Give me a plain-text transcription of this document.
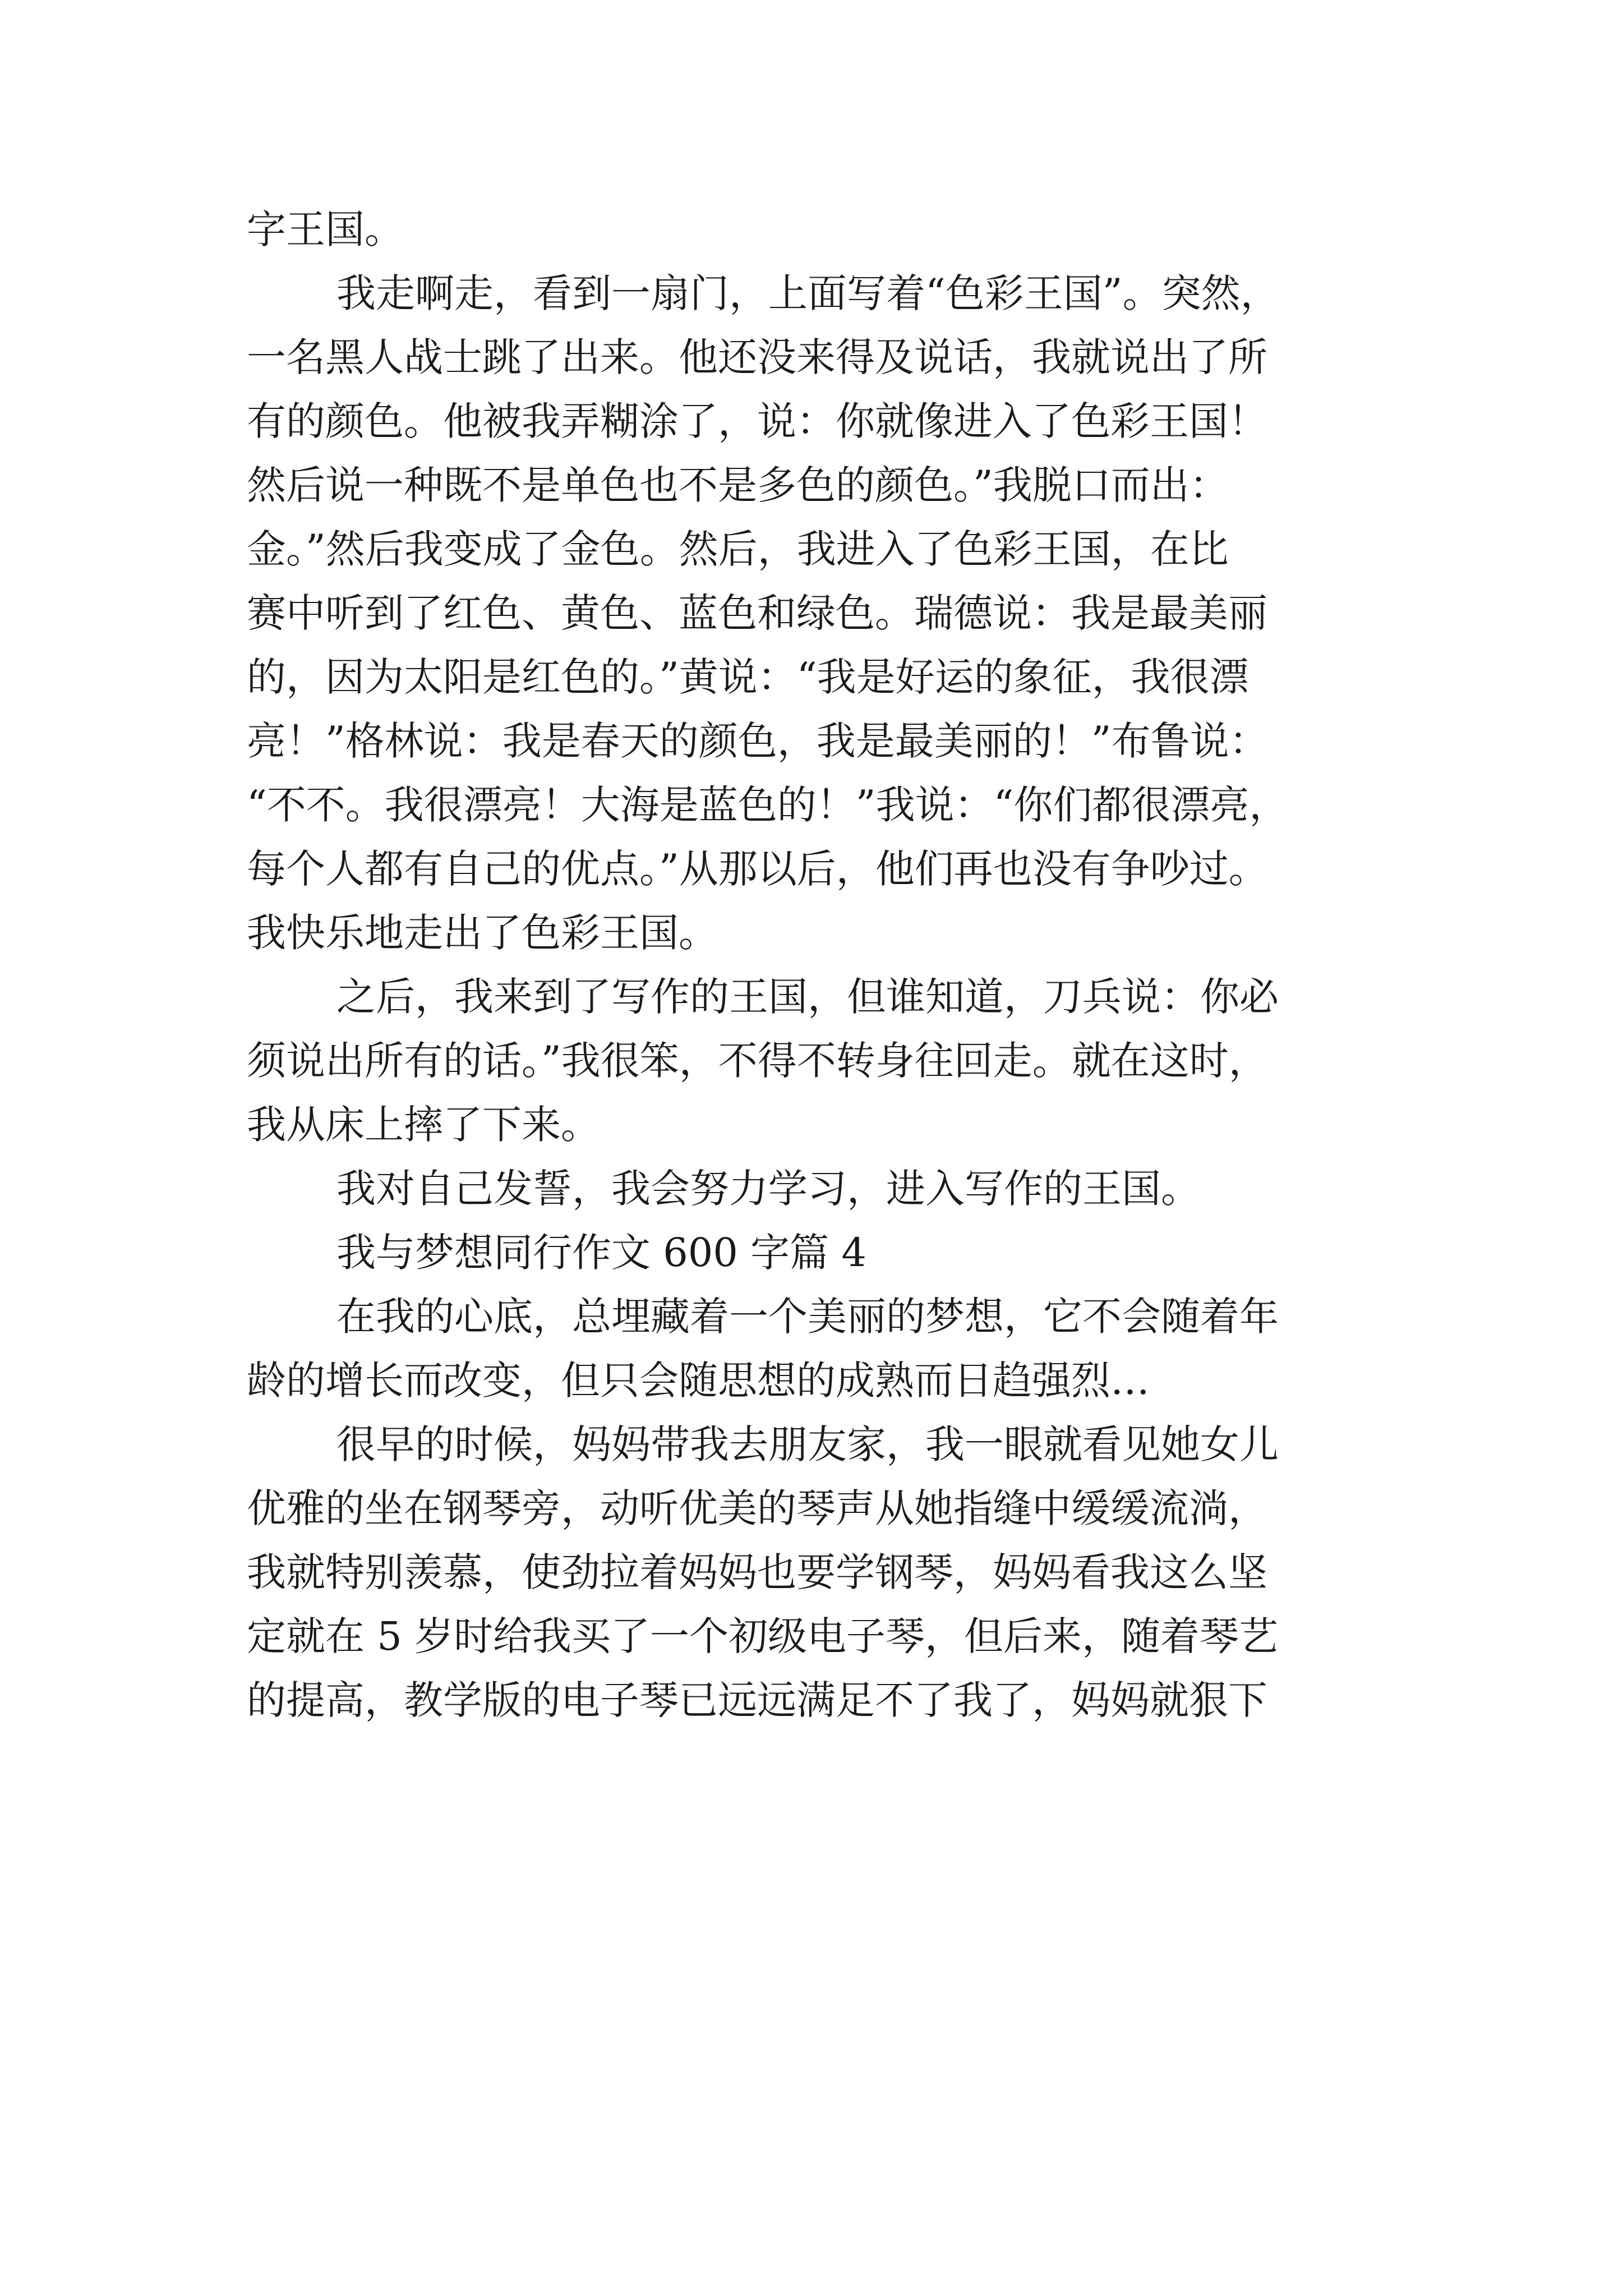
字王国。
我走啊走，看到一扇门，上面写着“色彩王国”。突然，
一名黑人战士跳了出来。他还没来得及说话，我就说出了所
有的颜色。他被我弄糊涂了，说：你就像进入了色彩王国！
然后说一种既不是单色也不是多色的颜色。”我脱口而出：
金。”然后我变成了金色。然后，我进入了色彩王国，在比
赛中听到了红色、黄色、蓝色和绿色。瑞德说：我是最美丽
的，因为太阳是红色的。”黄说：“我是好运的象征，我很漂
亮！”格林说：我是春天的颜色，我是最美丽的！”布鲁说：
“不不。我很漂亮！大海是蓝色的！”我说：“你们都很漂亮，
每个人都有自己的优点。”从那以后，他们再也没有争吵过。
我快乐地走出了色彩王国。
之后，我来到了写作的王国，但谁知道，刀兵说：你必
须说出所有的话。”我很笨，不得不转身往回走。就在这时，
我从床上摔了下来。
我对自己发誓，我会努力学习，进入写作的王国。
我与梦想同行作文 600 字篇 4
在我的心底，总埋藏着一个美丽的梦想，它不会随着年
龄的增长而改变，但只会随思想的成熟而日趋强烈…
很早的时候，妈妈带我去朋友家，我一眼就看见她女儿
优雅的坐在钢琴旁，动听优美的琴声从她指缝中缓缓流淌，
我就特别羡慕，使劲拉着妈妈也要学钢琴，妈妈看我这么坚
定就在 5 岁时给我买了一个初级电子琴，但后来，随着琴艺
的提高，教学版的电子琴已远远满足不了我了，妈妈就狠下
